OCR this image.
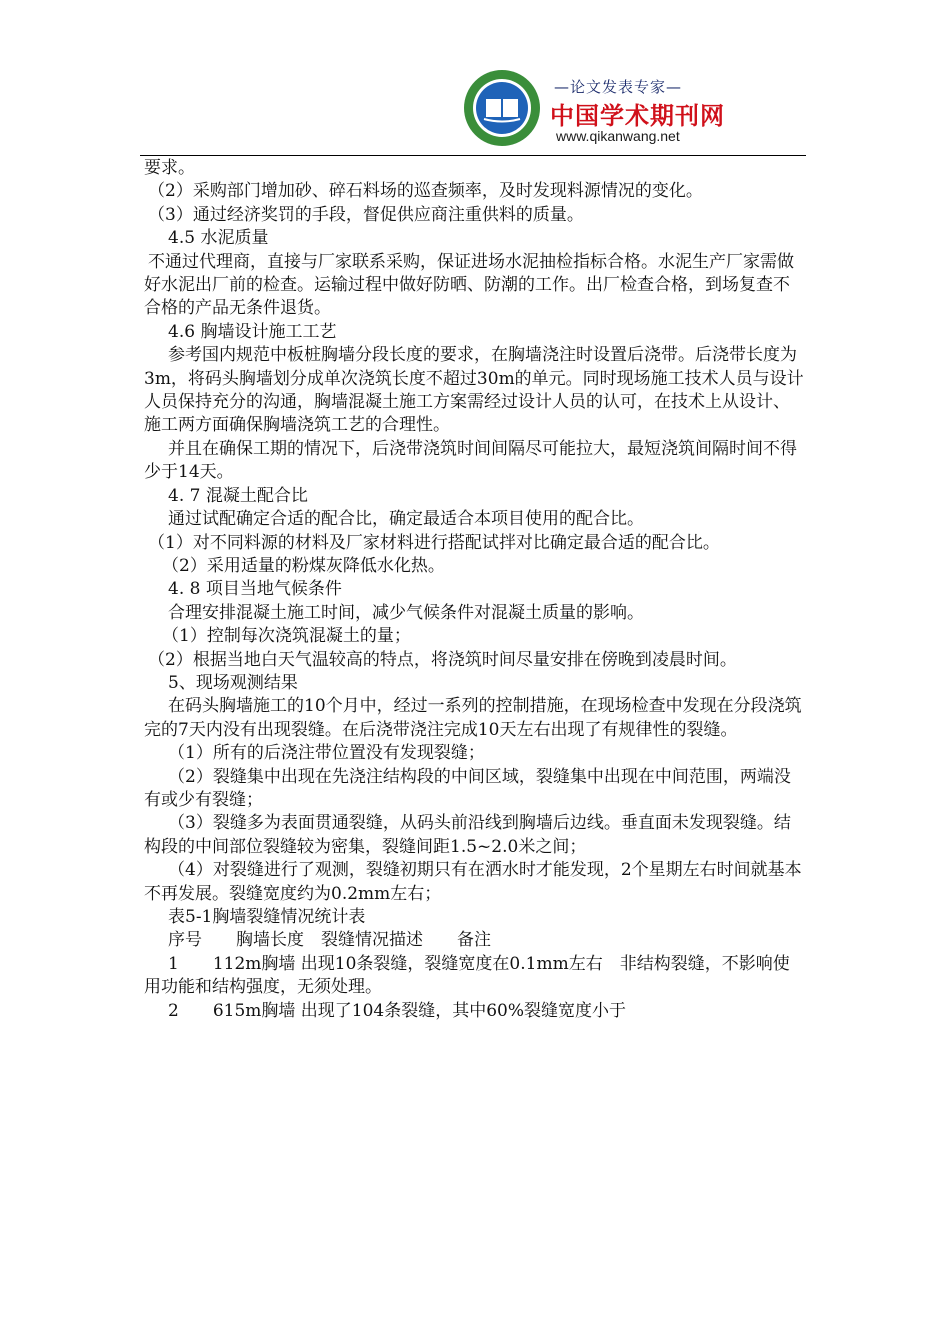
—论文发表专家—
中国学术期刊网
www.qikanwang.net

要求。

（2）采购部门增加砂、碎石料场的巡查频率，及时发现料源情况的变化。

（3）通过经济奖罚的手段，督促供应商注重供料的质量。

4.5 水泥质量

不通过代理商，直接与厂家联系采购，保证进场水泥抽检指标合格。水泥生产厂家需做好水泥出厂前的检查。运输过程中做好防晒、防潮的工作。出厂检查合格，到场复查不合格的产品无条件退货。

4.6 胸墙设计施工工艺

参考国内规范中板桩胸墙分段长度的要求，在胸墙浇注时设置后浇带。后浇带长度为3m，将码头胸墙划分成单次浇筑长度不超过30m的单元。同时现场施工技术人员与设计人员保持充分的沟通，胸墙混凝土施工方案需经过设计人员的认可，在技术上从设计、施工两方面确保胸墙浇筑工艺的合理性。

并且在确保工期的情况下，后浇带浇筑时间间隔尽可能拉大，最短浇筑间隔时间不得少于14天。

4. 7 混凝土配合比

通过试配确定合适的配合比，确定最适合本项目使用的配合比。

（1）对不同料源的材料及厂家材料进行搭配试拌对比确定最合适的配合比。

（2）采用适量的粉煤灰降低水化热。

4. 8 项目当地气候条件

合理安排混凝土施工时间，减少气候条件对混凝土质量的影响。

（1）控制每次浇筑混凝土的量；

（2）根据当地白天气温较高的特点，将浇筑时间尽量安排在傍晚到凌晨时间。

5、现场观测结果

在码头胸墙施工的10个月中，经过一系列的控制措施，在现场检查中发现在分段浇筑完的7天内没有出现裂缝。在后浇带浇注完成10天左右出现了有规律性的裂缝。

（1）所有的后浇注带位置没有发现裂缝；

（2）裂缝集中出现在先浇注结构段的中间区域，裂缝集中出现在中间范围，两端没有或少有裂缝；

（3）裂缝多为表面贯通裂缝，从码头前沿线到胸墙后边线。垂直面未发现裂缝。结构段的中间部位裂缝较为密集，裂缝间距1.5~2.0米之间；

（4）对裂缝进行了观测，裂缝初期只有在洒水时才能发现，2个星期左右时间就基本不再发展。裂缝宽度约为0.2mm左右；

表5-1胸墙裂缝情况统计表

序号　　胸墙长度　裂缝情况描述　　备注

1　　112m胸墙 出现10条裂缝，裂缝宽度在0.1mm左右　非结构裂缝，不影响使用功能和结构强度，无须处理。

2　　615m胸墙 出现了104条裂缝，其中60%裂缝宽度小于
